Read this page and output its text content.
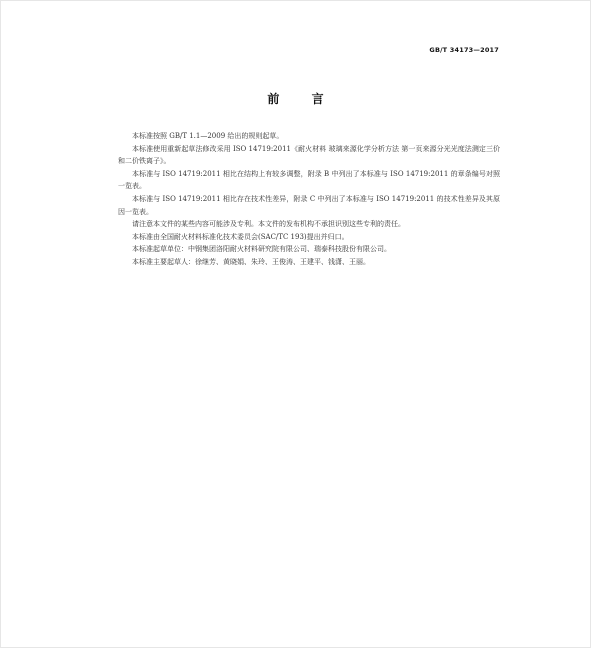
GB/T 34173—2017
前 言

本标准按照 GB/T 1.1—2009 给出的规则起草。

本标准使用重新起草法修改采用 ISO 14719:2011《耐火材料 玻璃来源化学分析方法 第一页来源分光光度法测定三价和二价铁离子》。

本标准与 ISO 14719:2011 相比在结构上有较多调整，附录 B 中列出了本标准与 ISO 14719:2011 的章条编号对照一览表。

本标准与 ISO 14719:2011 相比存在技术性差异，附录 C 中列出了本标准与 ISO 14719:2011 的技术性差异及其原因一览表。

请注意本文件的某些内容可能涉及专利。本文件的发布机构不承担识别这些专利的责任。

本标准由全国耐火材料标准化技术委员会(SAC/TC 193)提出并归口。

本标准起草单位：中钢集团洛阳耐火材料研究院有限公司、瑞泰科技股份有限公司。

本标准主要起草人：徐继芳、黄晓娟、朱玲、王俊涛、王建平、钱潇、王丽。
